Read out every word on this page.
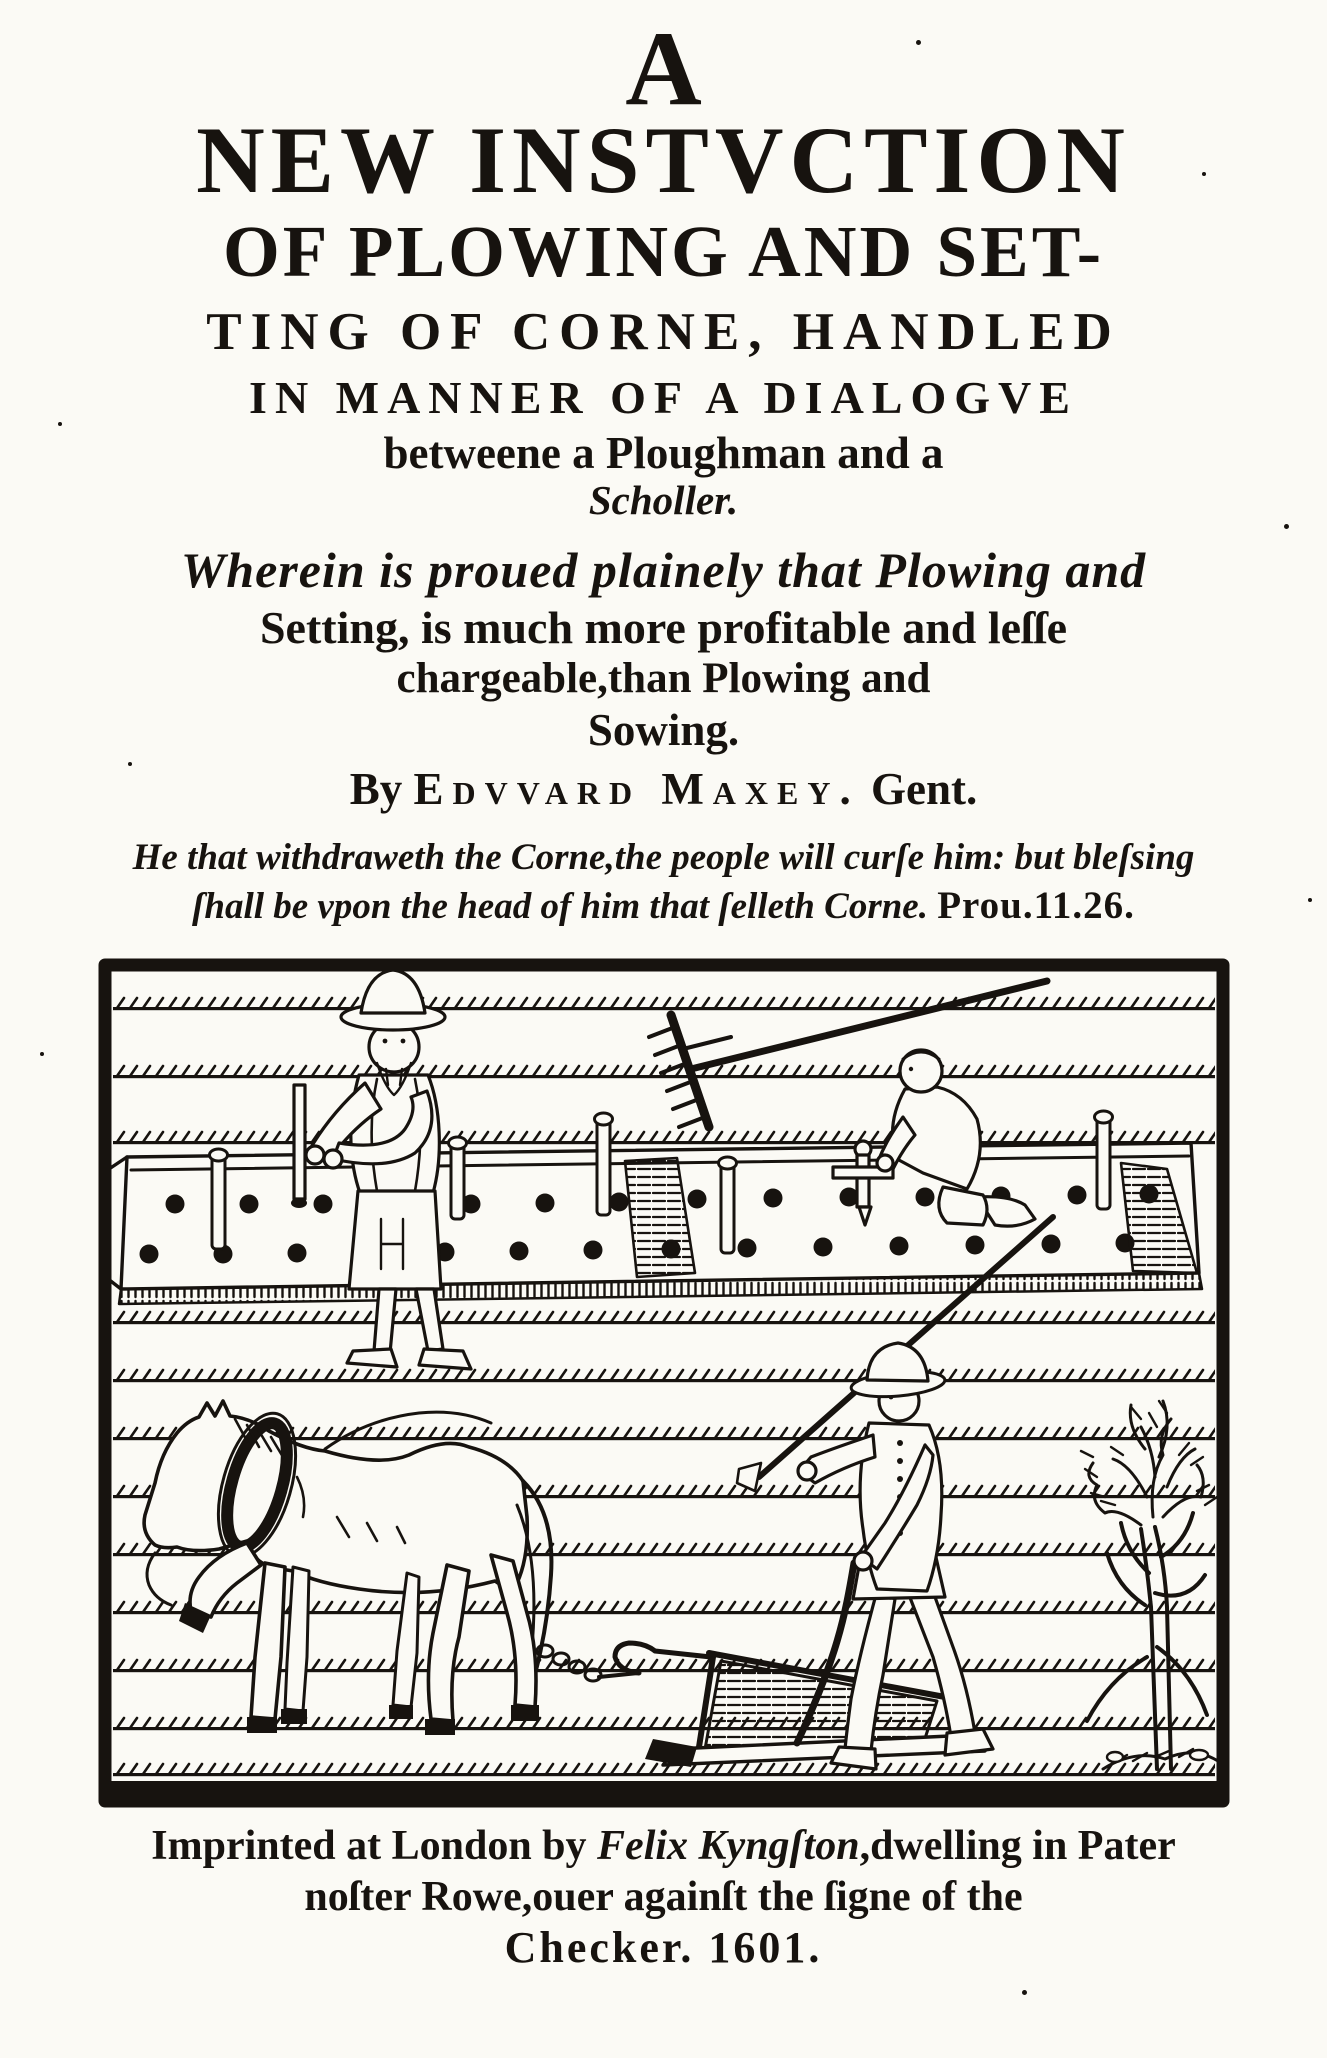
A
NEW INSTVCTION
OF PLOWING AND SET-
TING OF CORNE, HANDLED
IN MANNER OF A DIALOGVE
betweene a Ploughman and a
Scholler.
Wherein is proued plainely that Plowing and
Setting, is much more profitable and leſſe
chargeable,than Plowing and
Sowing.
By Edvvard Maxey. Gent.
He that withdraweth the Corne,the people will curſe him: but bleſsing
ſhall be vpon the head of him that ſelleth Corne. Prou.11.26.
Imprinted at London by Felix Kyngſton,dwelling in Pater
noſter Rowe,ouer againſt the ſigne of the
Checker. 1601.
